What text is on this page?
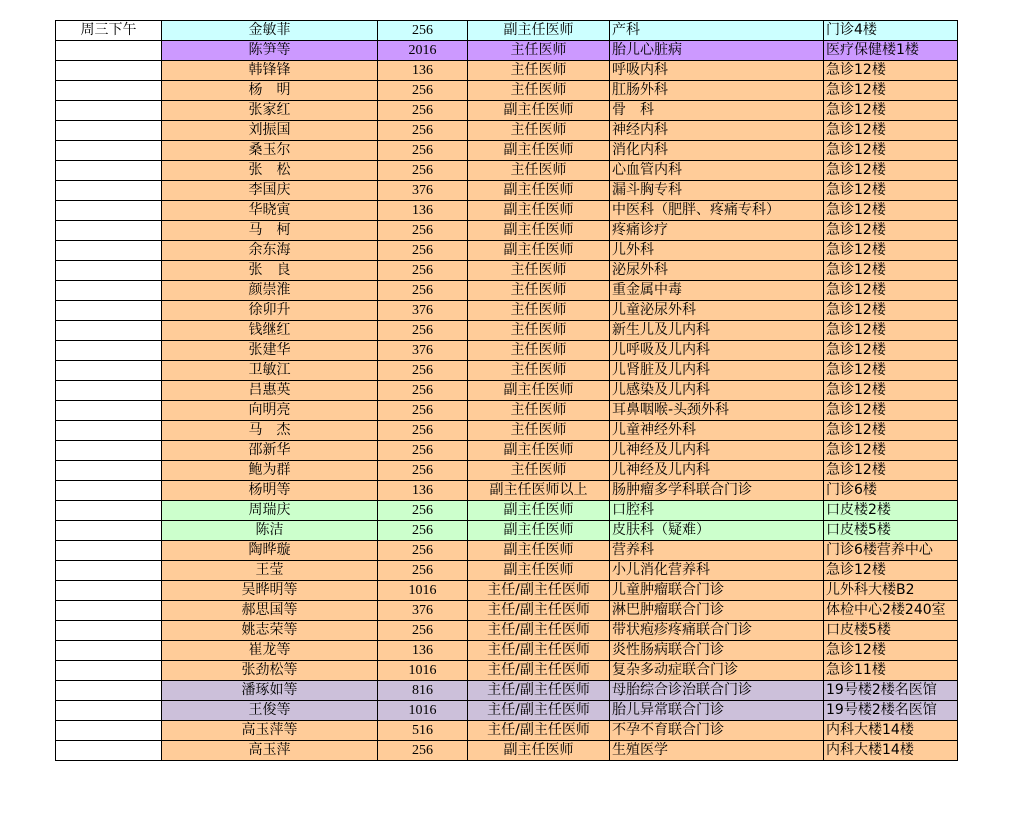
周三下午	金敏菲	256	副主任医师	产科	门诊4楼
	陈笋等	2016	主任医师	胎儿心脏病	医疗保健楼1楼
	韩锋锋	136	主任医师	呼吸内科	急诊12楼
	杨　明	256	主任医师	肛肠外科	急诊12楼
	张家红	256	副主任医师	骨　科	急诊12楼
	刘振国	256	主任医师	神经内科	急诊12楼
	桑玉尔	256	副主任医师	消化内科	急诊12楼
	张　松	256	主任医师	心血管内科	急诊12楼
	李国庆	376	副主任医师	漏斗胸专科	急诊12楼
	华晓寅	136	副主任医师	中医科（肥胖、疼痛专科）	急诊12楼
	马　柯	256	副主任医师	疼痛诊疗	急诊12楼
	余东海	256	副主任医师	儿外科	急诊12楼
	张　良	256	主任医师	泌尿外科	急诊12楼
	颜崇淮	256	主任医师	重金属中毒	急诊12楼
	徐卯升	376	主任医师	儿童泌尿外科	急诊12楼
	钱继红	256	主任医师	新生儿及儿内科	急诊12楼
	张建华	376	主任医师	儿呼吸及儿内科	急诊12楼
	卫敏江	256	主任医师	儿肾脏及儿内科	急诊12楼
	吕惠英	256	副主任医师	儿感染及儿内科	急诊12楼
	向明亮	256	主任医师	耳鼻咽喉-头颈外科	急诊12楼
	马　杰	256	主任医师	儿童神经外科	急诊12楼
	邵新华	256	副主任医师	儿神经及儿内科	急诊12楼
	鲍为群	256	主任医师	儿神经及儿内科	急诊12楼
	杨明等	136	副主任医师以上	肠肿瘤多学科联合门诊	门诊6楼
	周瑞庆	256	副主任医师	口腔科	口皮楼2楼
	陈洁	256	副主任医师	皮肤科（疑难）	口皮楼5楼
	陶晔璇	256	副主任医师	营养科	门诊6楼营养中心
	王莹	256	副主任医师	小儿消化营养科	急诊12楼
	吴晔明等	1016	主任/副主任医师	儿童肿瘤联合门诊	儿外科大楼B2
	郝思国等	376	主任/副主任医师	淋巴肿瘤联合门诊	体检中心2楼240室
	姚志荣等	256	主任/副主任医师	带状疱疹疼痛联合门诊	口皮楼5楼
	崔龙等	136	主任/副主任医师	炎性肠病联合门诊	急诊12楼
	张劲松等	1016	主任/副主任医师	复杂多动症联合门诊	急诊11楼
	潘琢如等	816	主任/副主任医师	母胎综合诊治联合门诊	19号楼2楼名医馆
	王俊等	1016	主任/副主任医师	胎儿异常联合门诊	19号楼2楼名医馆
	高玉萍等	516	主任/副主任医师	不孕不育联合门诊	内科大楼14楼
	高玉萍	256	副主任医师	生殖医学	内科大楼14楼
